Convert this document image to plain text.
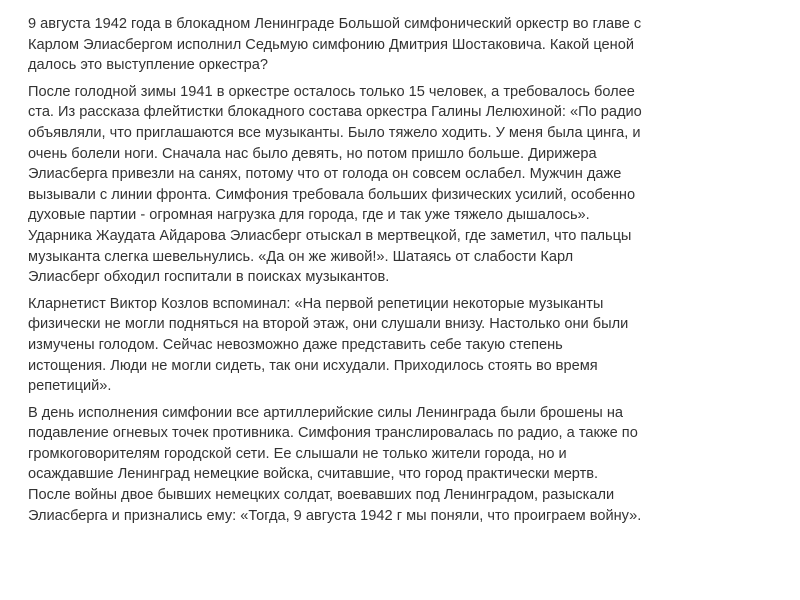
9 августа 1942 года в блокадном Ленинграде Большой симфонический оркестр во главе с
Карлом Элиасбергом исполнил Седьмую симфонию Дмитрия Шостаковича. Какой ценой
далось это выступление оркестра?

После голодной зимы 1941 в оркестре осталось только 15 человек, а требовалось более
ста. Из рассказа флейтистки блокадного состава оркестра Галины Лелюхиной: «По радио
объявляли, что приглашаются все музыканты. Было тяжело ходить. У меня была цинга, и
очень болели ноги. Сначала нас было девять, но потом пришло больше. Дирижера
Элиасберга привезли на санях, потому что от голода он совсем ослабел. Мужчин даже
вызывали с линии фронта. Симфония требовала больших физических усилий, особенно
духовые партии - огромная нагрузка для города, где и так уже тяжело дышалось».
Ударника Жаудата Айдарова Элиасберг отыскал в мертвецкой, где заметил, что пальцы
музыканта слегка шевельнулись. «Да он же живой!». Шатаясь от слабости Карл
Элиасберг обходил госпитали в поисках музыкантов.

Кларнетист Виктор Козлов вспоминал: «На первой репетиции некоторые музыканты
физически не могли подняться на второй этаж, они слушали внизу. Настолько они были
измучены голодом. Сейчас невозможно даже представить себе такую степень
истощения. Люди не могли сидеть, так они исхудали. Приходилось стоять во время
репетиций».

В день исполнения симфонии все артиллерийские силы Ленинграда были брошены на
подавление огневых точек противника. Симфония транслировалась по радио, а также по
громкоговорителям городской сети. Ее слышали не только жители города, но и
осаждавшие Ленинград немецкие войска, считавшие, что город практически мертв.
После войны двое бывших немецких солдат, воевавших под Ленинградом, разыскали
Элиасберга и признались ему: «Тогда, 9 августа 1942 г мы поняли, что проиграем войну».
